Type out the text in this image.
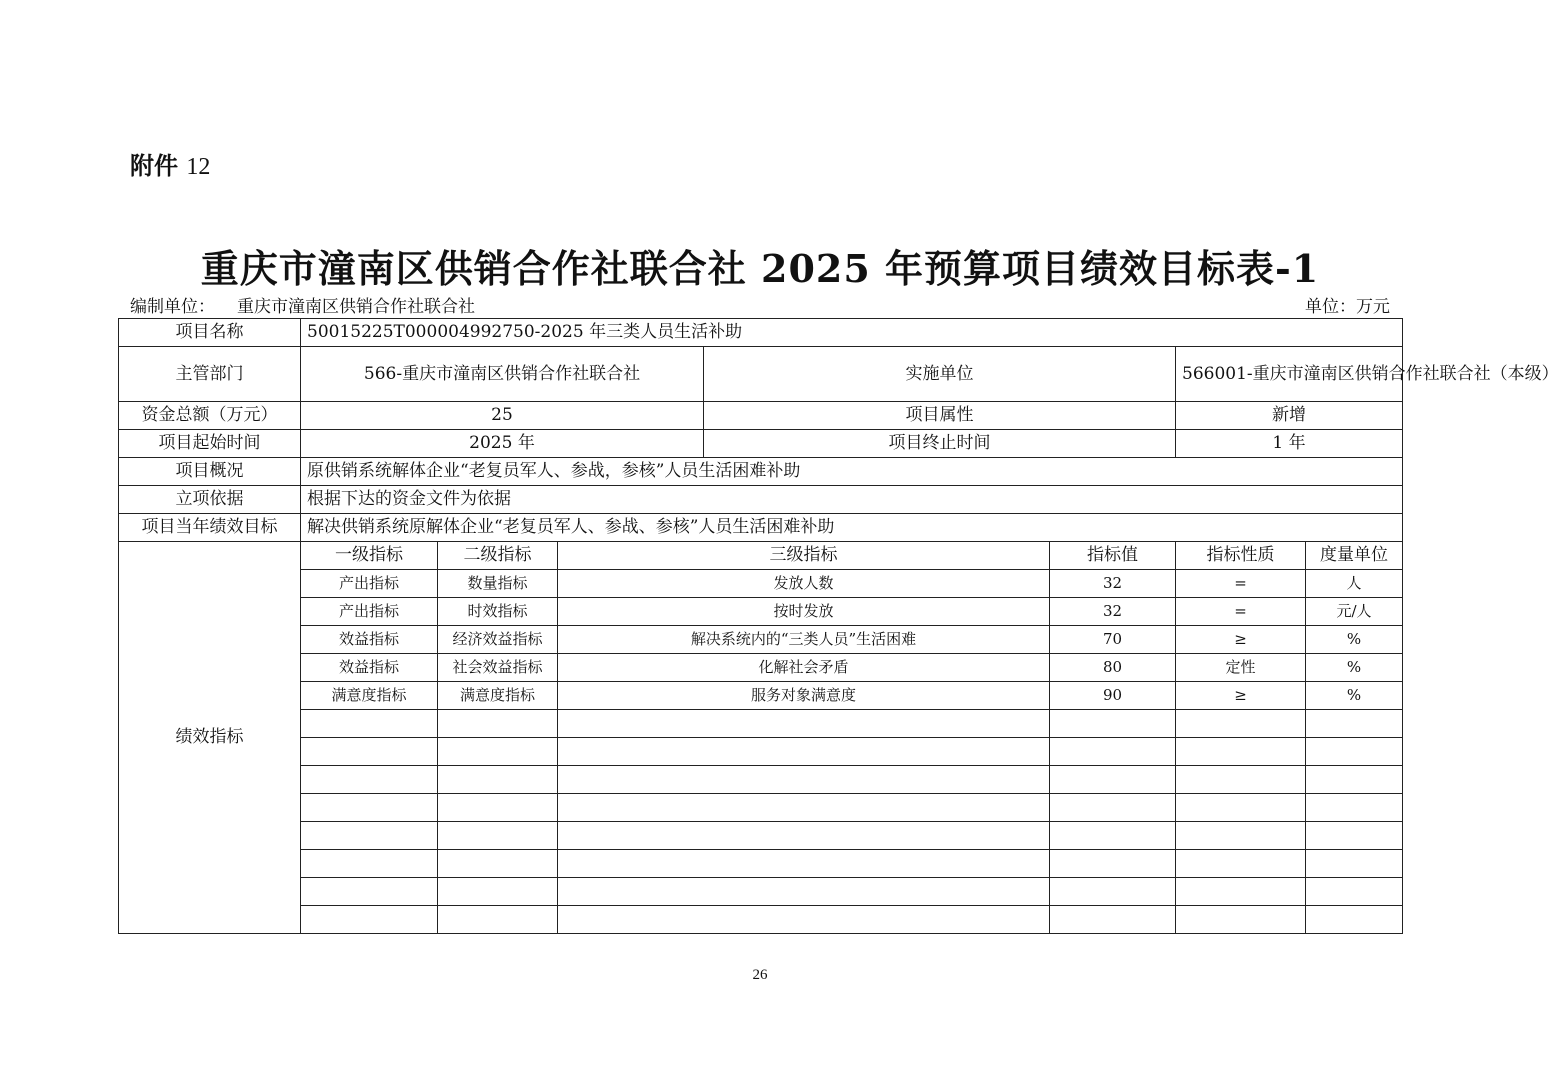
附件 12
重庆市潼南区供销合作社联合社 2025 年预算项目绩效目标表-1
编制单位： 重庆市潼南区供销合作社联合社	单位：万元
项目名称	50015225T000004992750-2025 年三类人员生活补助						
主管部门	566-重庆市潼南区供销合作社联合社			实施单位		566001-重庆市潼南区供销合作社联合社（本级）	
资金总额（万元）	25			项目属性		新增	
项目起始时间	2025 年			项目终止时间		1 年	
项目概况	原供销系统解体企业“老复员军人、参战，参核”人员生活困难补助						
立项依据	根据下达的资金文件为依据						
项目当年绩效目标	解决供销系统原解体企业“老复员军人、参战、参核”人员生活困难补助						
绩效指标	一级指标	二级指标	三级指标		指标值	指标性质	度量单位
	产出指标	数量指标	发放人数		32	=	人
	产出指标	时效指标	按时发放		32	=	元/人
	效益指标	经济效益指标	解决系统内的“三类人员”生活困难		70	≥	%
	效益指标	社会效益指标	化解社会矛盾		80	定性	%
	满意度指标	满意度指标	服务对象满意度		90	≥	%

26
